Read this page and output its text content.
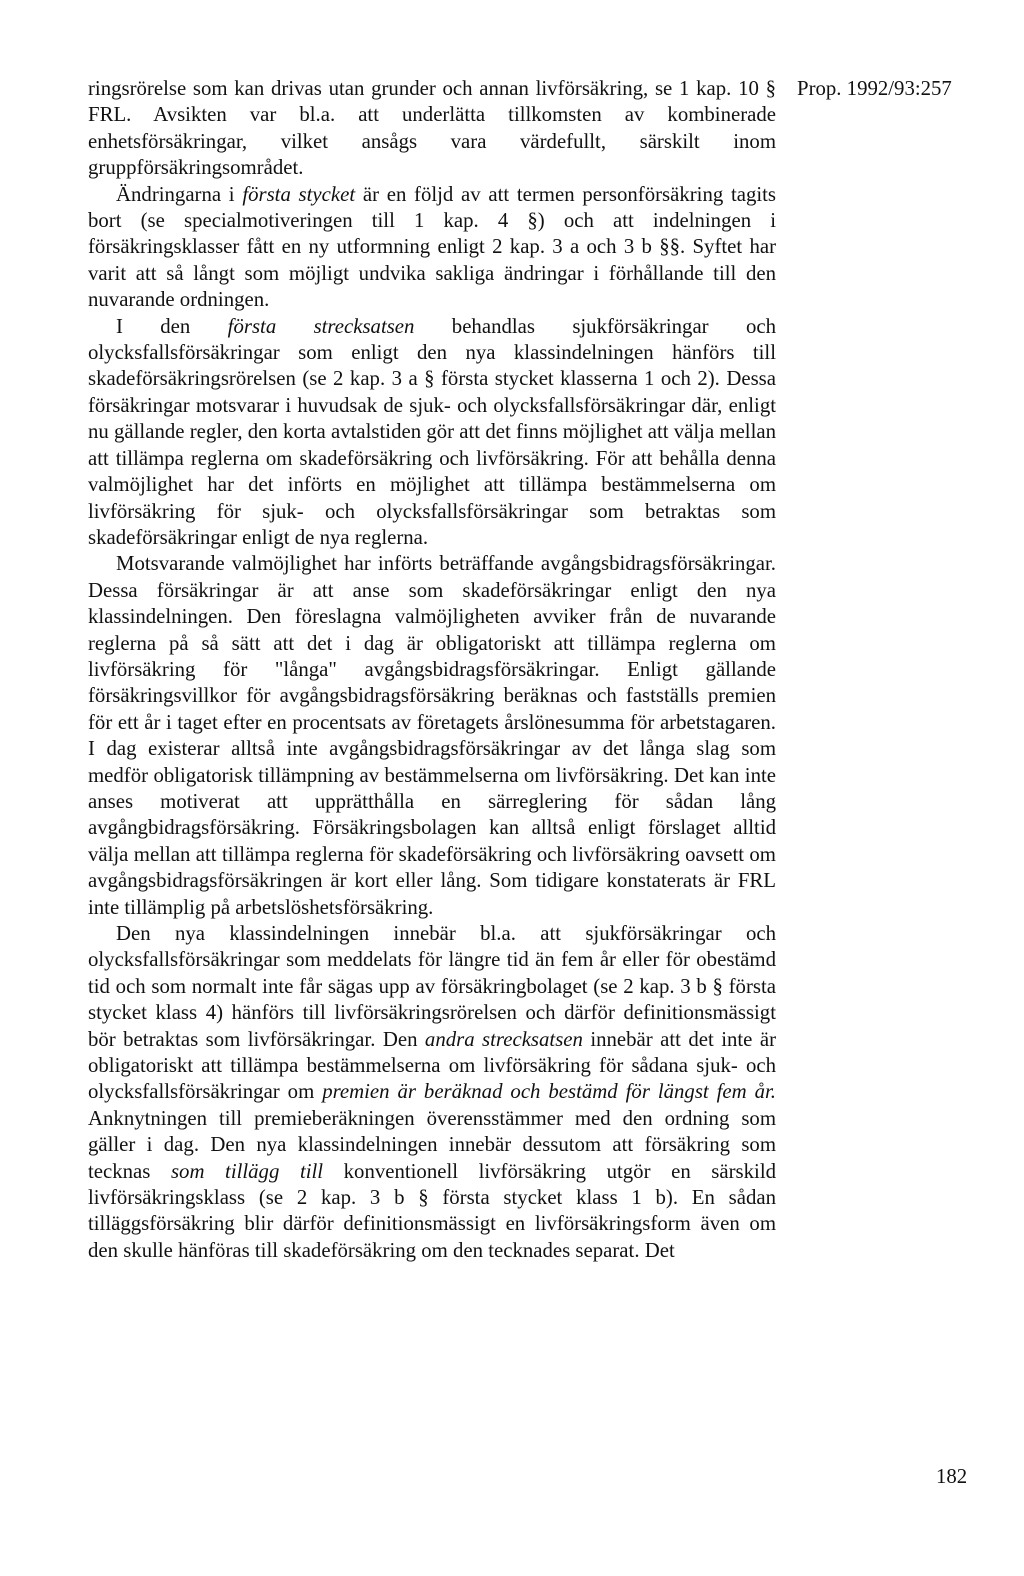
Prop. 1992/93:257

ringsrörelse som kan drivas utan grunder och annan livförsäkring, se 1 kap. 10 § FRL. Avsikten var bl.a. att underlätta tillkomsten av kombinerade enhetsförsäkringar, vilket ansågs vara värdefullt, särskilt inom gruppförsäkringsområdet.

Ändringarna i första stycket är en följd av att termen personförsäkring tagits bort (se specialmotiveringen till 1 kap. 4 §) och att indelningen i försäkringsklasser fått en ny utformning enligt 2 kap. 3 a och 3 b §§. Syftet har varit att så långt som möjligt undvika sakliga ändringar i förhållande till den nuvarande ordningen.

I den första strecksatsen behandlas sjukförsäkringar och olycksfallsförsäkringar som enligt den nya klassindelningen hänförs till skadeförsäkringsrörelsen (se 2 kap. 3 a § första stycket klasserna 1 och 2). Dessa försäkringar motsvarar i huvudsak de sjuk- och olycksfallsförsäkringar där, enligt nu gällande regler, den korta avtalstiden gör att det finns möjlighet att välja mellan att tillämpa reglerna om skadeförsäkring och livförsäkring. För att behålla denna valmöjlighet har det införts en möjlighet att tillämpa bestämmelserna om livförsäkring för sjuk- och olycksfallsförsäkringar som betraktas som skadeförsäkringar enligt de nya reglerna.

Motsvarande valmöjlighet har införts beträffande avgångsbidragsförsäkringar. Dessa försäkringar är att anse som skadeförsäkringar enligt den nya klassindelningen. Den föreslagna valmöjligheten avviker från de nuvarande reglerna på så sätt att det i dag är obligatoriskt att tillämpa reglerna om livförsäkring för "långa" avgångsbidragsförsäkringar. Enligt gällande försäkringsvillkor för avgångsbidragsförsäkring beräknas och fastställs premien för ett år i taget efter en procentsats av företagets årslönesumma för arbetstagaren. I dag existerar alltså inte avgångsbidragsförsäkringar av det långa slag som medför obligatorisk tillämpning av bestämmelserna om livförsäkring. Det kan inte anses motiverat att upprätthålla en särreglering för sådan lång avgångbidragsförsäkring. Försäkringsbolagen kan alltså enligt förslaget alltid välja mellan att tillämpa reglerna för skadeförsäkring och livförsäkring oavsett om avgångsbidragsförsäkringen är kort eller lång. Som tidigare konstaterats är FRL inte tillämplig på arbetslöshetsförsäkring.

Den nya klassindelningen innebär bl.a. att sjukförsäkringar och olycksfallsförsäkringar som meddelats för längre tid än fem år eller för obestämd tid och som normalt inte får sägas upp av försäkringbolaget (se 2 kap. 3 b § första stycket klass 4) hänförs till livförsäkringsrörelsen och därför definitionsmässigt bör betraktas som livförsäkringar. Den andra strecksatsen innebär att det inte är obligatoriskt att tillämpa bestämmelserna om livförsäkring för sådana sjuk- och olycksfallsförsäkringar om premien är beräknad och bestämd för längst fem år. Anknytningen till premieberäkningen överensstämmer med den ordning som gäller i dag. Den nya klassindelningen innebär dessutom att försäkring som tecknas som tillägg till konventionell livförsäkring utgör en särskild livförsäkringsklass (se 2 kap. 3 b § första stycket klass 1 b). En sådan tilläggsförsäkring blir därför definitionsmässigt en livförsäkringsform även om den skulle hänföras till skadeförsäkring om den tecknades separat. Det

182
